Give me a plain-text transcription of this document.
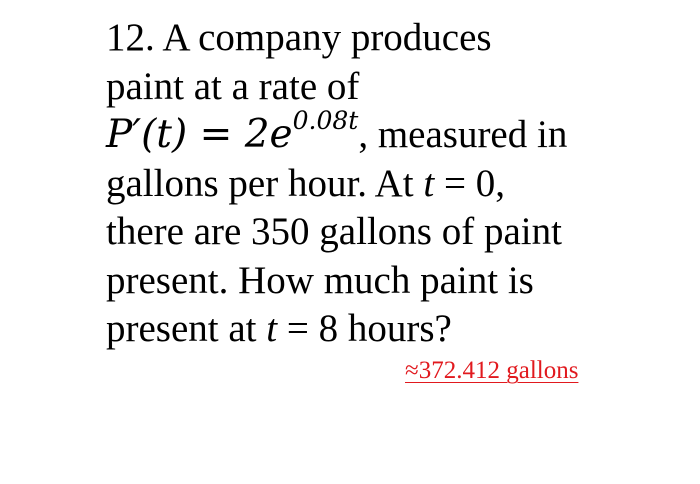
12. A company produces
paint at a rate of
$P'(t) = 2e^{0.08t}$, measured in
gallons per hour. At t = 0,
there are 350 gallons of paint
present. How much paint is
present at t = 8 hours?
≈372.412 gallons
